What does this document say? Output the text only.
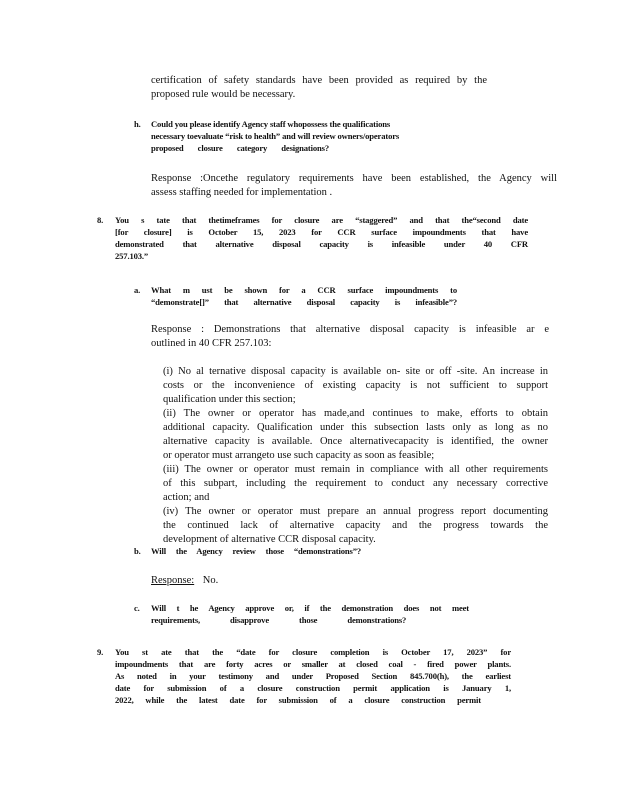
certification of safety standards have been provided as required by the
proposed rule would be necessary.
h. Could you please identify Agency staff whopossess the qualifications
necessary toevaluate “risk to health” and will review owners/operators
proposed closure category designations?
Response :Oncethe regulatory requirements have been established, the Agency will
assess staffing needed for implementation .
8. You s tate that thetimeframes for closure are “staggered” and that the“second date
[for closure] is October 15, 2023 for CCR surface impoundments that have
demonstrated that alternative disposal capacity is infeasible under 40 CFR
257.103.”
a. What m ust be shown for a CCR surface impoundments to
“demonstrate[]” that alternative disposal capacity is infeasible”?
Response : Demonstrations that alternative disposal capacity is infeasible ar e
outlined in 40 CFR 257.103:
(i) No al ternative disposal capacity is available on- site or off -site. An increase in
costs or the inconvenience of existing capacity is not sufficient to support
qualification under this section;
(ii) The owner or operator has made,and continues to make, efforts to obtain
additional capacity. Qualification under this subsection lasts only as long as no
alternative capacity is available. Once alternativecapacity is identified, the owner
or operator must arrangeto use such capacity as soon as feasible;
(iii) The owner or operator must remain in compliance with all other requirements
of this subpart, including the requirement to conduct any necessary corrective
action; and
(iv) The owner or operator must prepare an annual progress report documenting
the continued lack of alternative capacity and the progress towards the
development of alternative CCR disposal capacity.
b. Will the Agency review those “demonstrations”?
Response: No.
c. Will t he Agency approve or, if the demonstration does not meet
requirements, disapprove those demonstrations?
9. You st ate that the “date for closure completion is October 17, 2023” for
impoundments that are forty acres or smaller at closed coal - fired power plants.
As noted in your testimony and under Proposed Section 845.700(h), the earliest
date for submission of a closure construction permit application is January 1,
2022, while the latest date for submission of a closure construction permit
